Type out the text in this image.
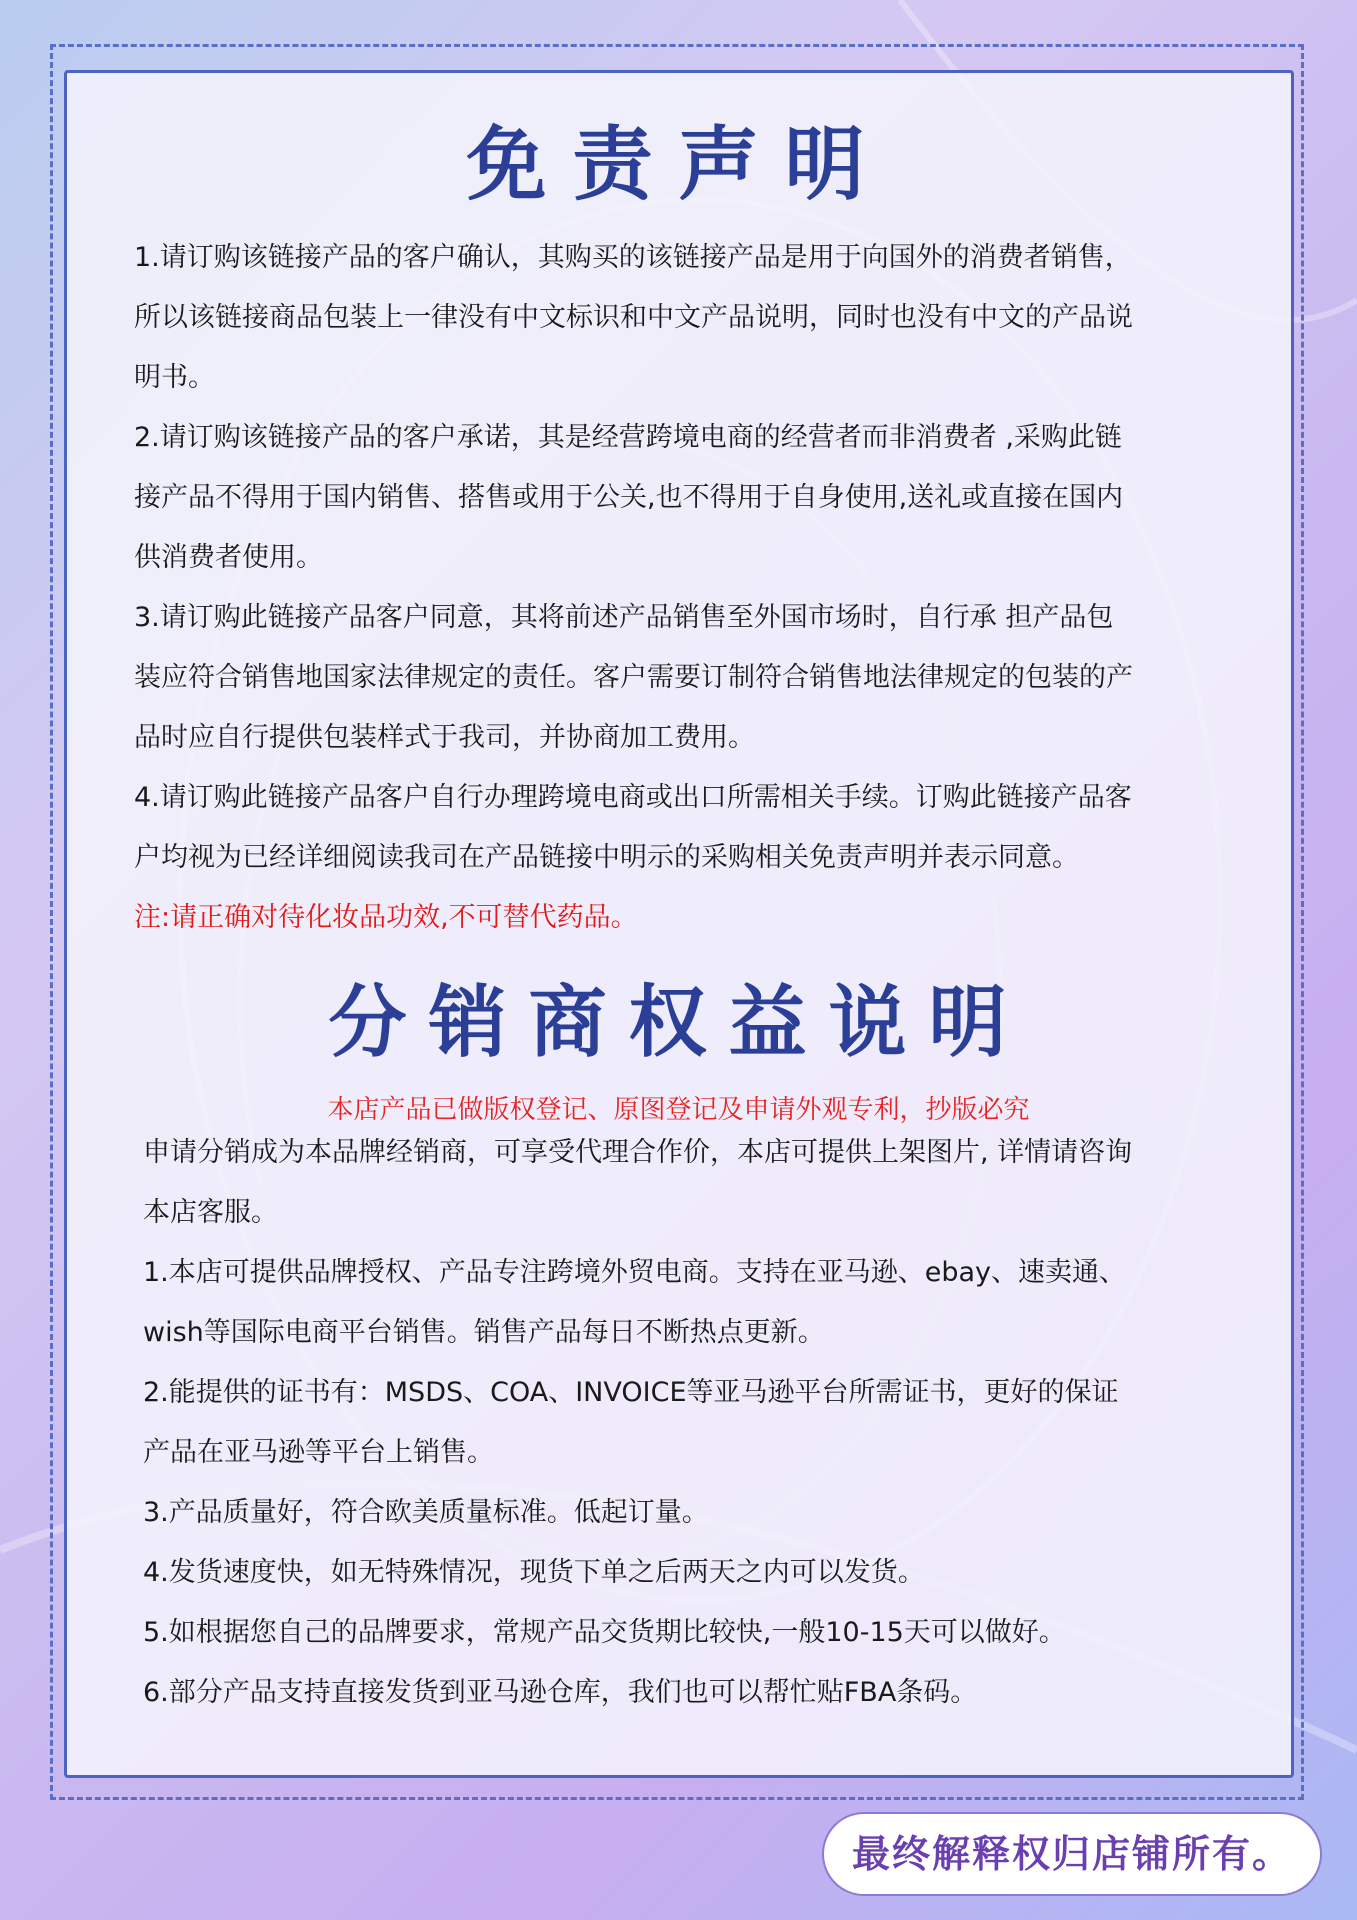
免责声明
1.请订购该链接产品的客户确认，其购买的该链接产品是用于向国外的消费者销售，
所以该链接商品包装上一律没有中文标识和中文产品说明，同时也没有中文的产品说
明书。
2.请订购该链接产品的客户承诺，其是经营跨境电商的经营者而非消费者 ,采购此链
接产品不得用于国内销售、搭售或用于公关,也不得用于自身使用,送礼或直接在国内
供消费者使用。
3.请订购此链接产品客户同意，其将前述产品销售至外国市场时，自行承 担产品包
装应符合销售地国家法律规定的责任。客户需要订制符合销售地法律规定的包装的产
品时应自行提供包装样式于我司，并协商加工费用。
4.请订购此链接产品客户自行办理跨境电商或出口所需相关手续。订购此链接产品客
户均视为已经详细阅读我司在产品链接中明示的采购相关免责声明并表示同意。
注:请正确对待化妆品功效,不可替代药品。
分销商权益说明
本店产品已做版权登记、原图登记及申请外观专利，抄版必究
申请分销成为本品牌经销商，可享受代理合作价，本店可提供上架图片, 详情请咨询
本店客服。
1.本店可提供品牌授权、产品专注跨境外贸电商。支持在亚马逊、ebay、速卖通、
wish等国际电商平台销售。销售产品每日不断热点更新。
2.能提供的证书有：MSDS、COA、INVOICE等亚马逊平台所需证书，更好的保证
产品在亚马逊等平台上销售。
3.产品质量好，符合欧美质量标准。低起订量。
4.发货速度快，如无特殊情况，现货下单之后两天之内可以发货。
5.如根据您自己的品牌要求，常规产品交货期比较快,一般10-15天可以做好。
6.部分产品支持直接发货到亚马逊仓库，我们也可以帮忙贴FBA条码。
最终解释权归店铺所有。
